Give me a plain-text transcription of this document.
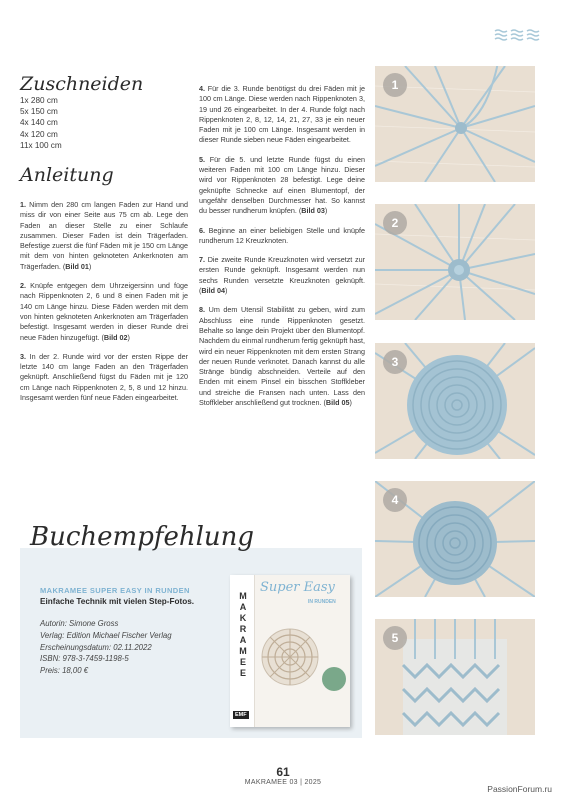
Zuschneiden
1x 280 cm
5x 150 cm
4x 140 cm
4x 120 cm
11x 100 cm
Anleitung

1. Nimm den 280 cm langen Faden zur Hand und miss dir von einer Seite aus 75 cm ab. Lege den Faden an dieser Stelle zu einer Schlaufe zusammen. Dieser Faden ist dein Trägerfaden. Befestige zuerst die fünf Fäden mit je 150 cm Länge mit dem von hinten geknoteten Ankerknoten am Trägerfaden. (Bild 01)

2. Knüpfe entgegen dem Uhrzeigersinn und füge nach Rippenknoten 2, 6 und 8 einen Faden mit je 140 cm Länge hinzu. Diese Fäden werden mit dem von hinten geknoteten Ankerknoten am Trägerfaden befestigt. Insgesamt werden in dieser Runde drei neue Fäden hinzugefügt. (Bild 02)

3. In der 2. Runde wird vor der ersten Rippe der letzte 140 cm lange Faden an den Trägerfaden geknüpft. Anschließend fügst du Fäden mit je 120 cm Länge nach Rippenknoten 2, 5, 8 und 12 hinzu. Insgesamt werden fünf neue Fäden eingearbeitet.

4. Für die 3. Runde benötigst du drei Fäden mit je 100 cm Länge. Diese werden nach Rippenknoten 3, 19 und 26 eingearbeitet. In der 4. Runde folgt nach Rippenknoten 2, 8, 12, 14, 21, 27, 33 je ein neuer Faden mit je 100 cm Länge. Insgesamt werden in dieser Runde sieben neue Fäden eingearbeitet.

5. Für die 5. und letzte Runde fügst du einen weiteren Faden mit 100 cm Länge hinzu. Dieser wird vor Rippenknoten 28 befestigt. Lege deine geknüpfte Schnecke auf einen Blumentopf, der ungefähr denselben Durchmesser hat. So kannst du besser rundherum knüpfen. (Bild 03)

6. Beginne an einer beliebigen Stelle und knüpfe rundherum 12 Kreuzknoten.

7. Die zweite Runde Kreuzknoten wird versetzt zur ersten Runde geknüpft. Insgesamt werden nun sechs Runden versetzte Kreuzknoten geknüpft. (Bild 04)

8. Um dem Utensil Stabilität zu geben, wird zum Abschluss eine runde Rippenknoten gesetzt. Behalte so lange dein Projekt über den Blumentopf. Nachdem du einmal rundherum fertig geknüpft hast, wird ein neuer Rippenknoten mit dem ersten Strang der neuen Runde verknotet. Danach kannst du alle Stränge bündig abschneiden. Verteile auf den Enden mit einem Pinsel ein bisschen Stoffkleber und streiche die Fransen nach unten. Lass den Stoffkleber anschließend gut trocknen. (Bild 05)

1
2
3
4
5
Buchempfehlung
MAKRAMEE SUPER EASY IN RUNDEN
Einfache Technik mit vielen Step-Fotos.
Autorin: Simone Gross
Verlag: Edition Michael Fischer Verlag
Erscheinungsdatum: 02.11.2022
ISBN: 978-3-7459-1198-5
Preis: 18,00 €	MAKRAMEE
Super Easy
IN RUNDEN
EMF
61
MAKRAMEE 03 | 2025
PassionForum.ru
